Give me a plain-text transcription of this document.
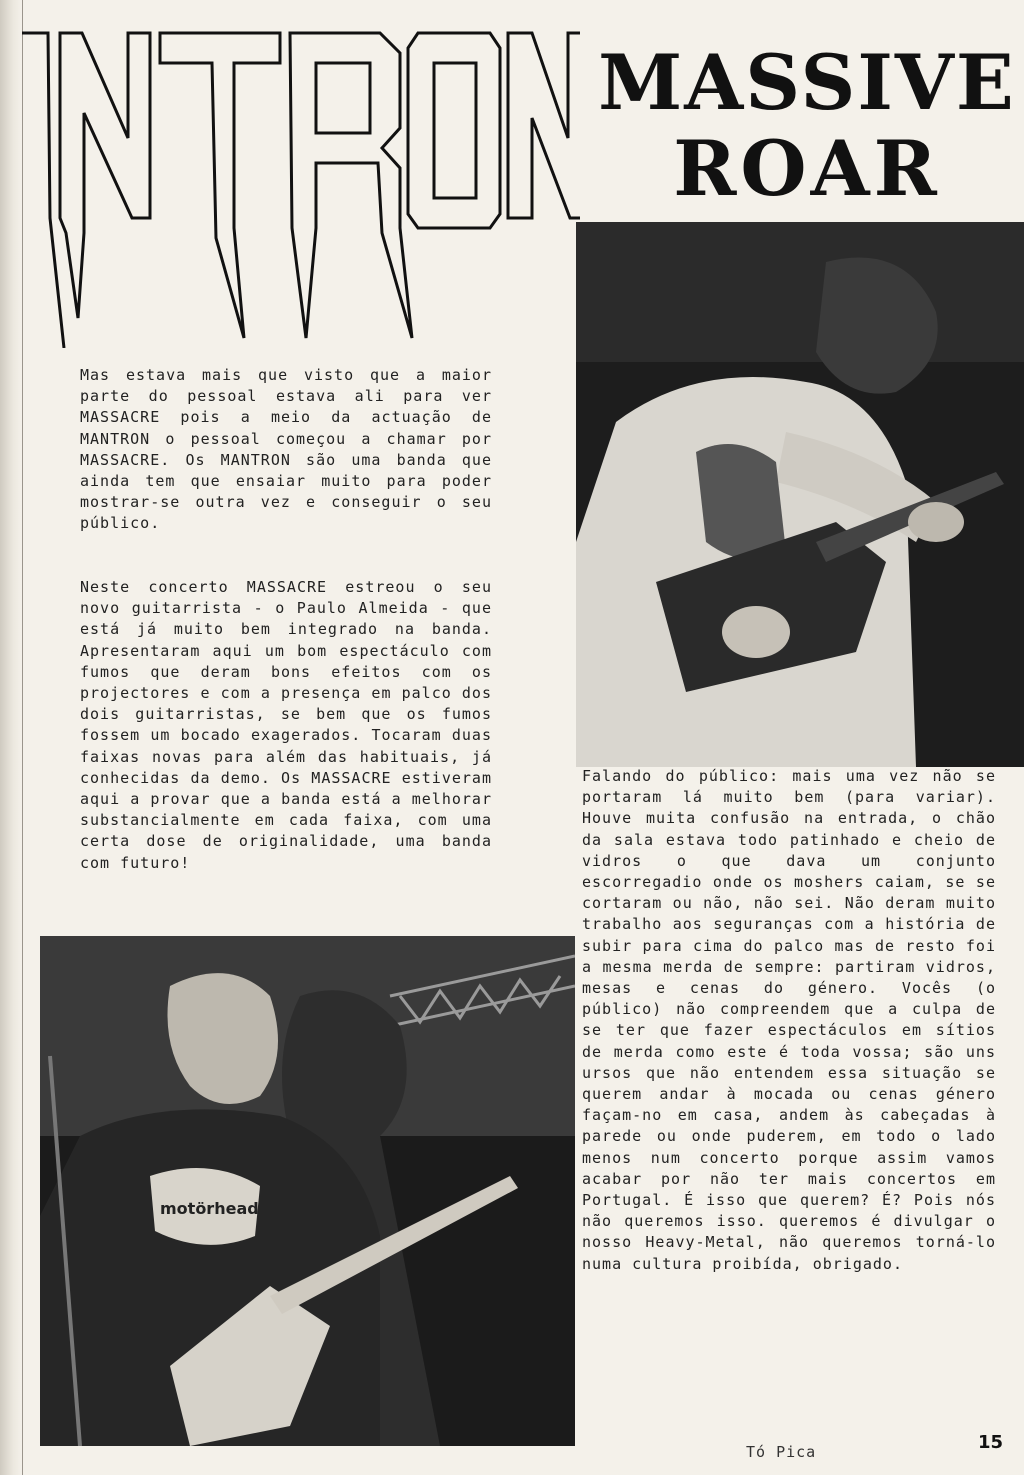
MASSIVE
ROAR

Mas estava mais que visto que a maior parte do pessoal estava ali para ver MASSACRE pois a meio da actuação de MANTRON o pessoal começou a chamar por MASSACRE. Os MANTRON são uma banda que ainda tem que ensaiar muito para poder mostrar-se outra vez e conseguir o seu público.

Neste concerto MASSACRE estreou o seu novo guitarrista - o Paulo Almeida - que está já muito bem integrado na banda. Apresentaram aqui um bom espectáculo com fumos que deram bons efeitos com os projectores e com a presença em palco dos dois guitarristas, se bem que os fumos fossem um bocado exagerados. Tocaram duas faixas novas para além das habituais, já conhecidas da demo. Os MASSACRE estiveram aqui a provar que a banda está a melhorar substancialmente em cada faixa, com uma certa dose de originalidade, uma banda com futuro!

Falando do público: mais uma vez não se portaram lá muito bem (para variar). Houve muita confusão na entrada, o chão da sala estava todo patinhado e cheio de vidros o que dava um conjunto escorregadio onde os moshers caiam, se se cortaram ou não, não sei. Não deram muito trabalho aos seguranças com a história de subir para cima do palco mas de resto foi a mesma merda de sempre: partiram vidros, mesas e cenas do género. Vocês (o público) não compreendem que a culpa de se ter que fazer espectáculos em sítios de merda como este é toda vossa; são uns ursos que não entendem essa situação se querem andar à mocada ou cenas género façam-no em casa, andem às cabeçadas à parede ou onde puderem, em todo o lado menos num concerto porque assim vamos acabar por não ter mais concertos em Portugal. É isso que querem? É? Pois nós não queremos isso. queremos é divulgar o nosso Heavy-Metal, não queremos torná-lo numa cultura proibída, obrigado.

motörhead
Tó Pica	15
